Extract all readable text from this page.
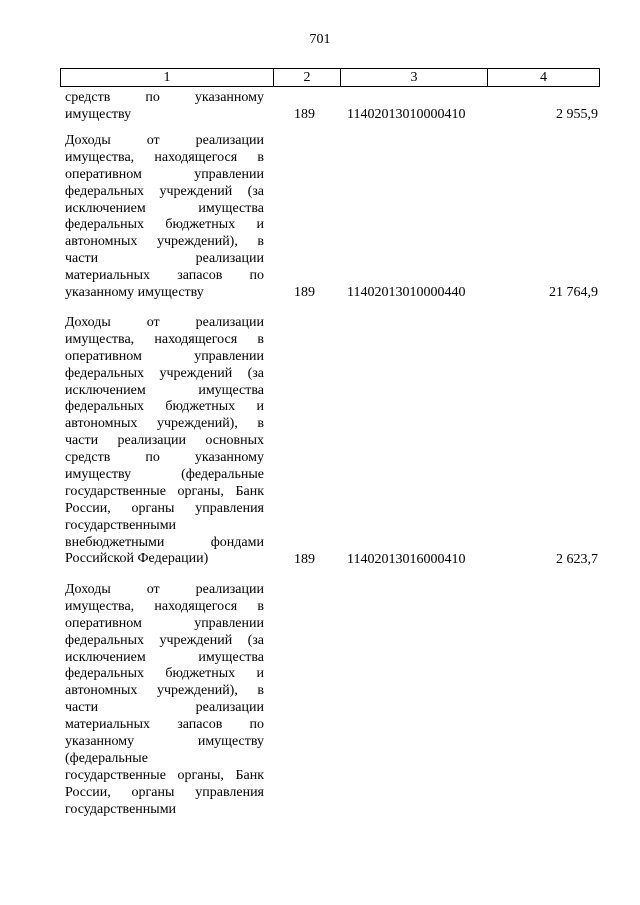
701
1	2	3	4
средств по указанному
имуществу	189	11402013010000410	2 955,9
Доходы от реализации
имущества, находящегося в
оперативном управлении
федеральных учреждений (за
исключением имущества
федеральных бюджетных и
автономных учреждений), в
части реализации
материальных запасов по
указанному имуществу	189	11402013010000440	21 764,9
Доходы от реализации
имущества, находящегося в
оперативном управлении
федеральных учреждений (за
исключением имущества
федеральных бюджетных и
автономных учреждений), в
части реализации основных
средств по указанному
имуществу (федеральные
государственные органы, Банк
России, органы управления
государственными
внебюджетными фондами
Российской Федерации)	189	11402013016000410	2 623,7
Доходы от реализации
имущества, находящегося в
оперативном управлении
федеральных учреждений (за
исключением имущества
федеральных бюджетных и
автономных учреждений), в
части реализации
материальных запасов по
указанному имуществу
(федеральные
государственные органы, Банк
России, органы управления
государственными
